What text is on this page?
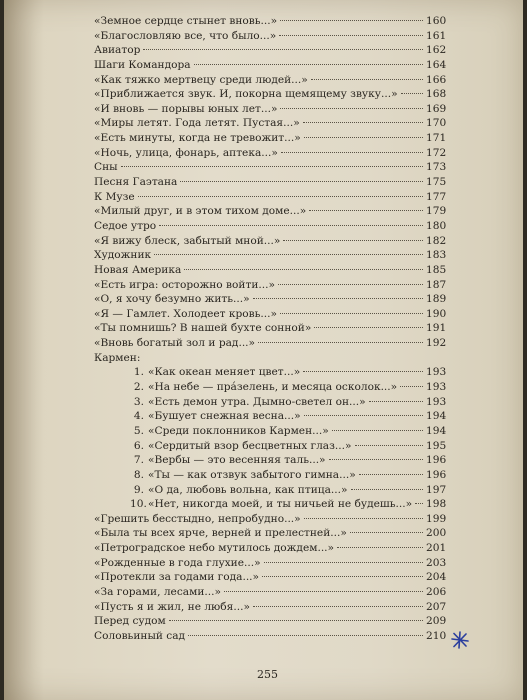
«Земное сердце стынет вновь...»	160
«Благословляю все, что было...»	161
Авиатор	162
Шаги Командора	164
«Как тяжко мертвецу среди людей...»	166
«Приближается звук. И, покорна щемящему звуку...»	168
«И вновь — порывы юных лет...»	169
«Миры летят. Года летят. Пустая...»	170
«Есть минуты, когда не тревожит...»	171
«Ночь, улица, фонарь, аптека...»	172
Сны	173
Песня Гаэтана	175
К Музе	177
«Милый друг, и в этом тихом доме...»	179
Седое утро	180
«Я вижу блеск, забытый мной...»	182
Художник	183
Новая Америка	185
«Есть игра: осторожно войти...»	187
«О, я хочу безумно жить...»	189
«Я — Гамлет. Холодеет кровь...»	190
«Ты помнишь? В нашей бухте сонной»	191
«Вновь богатый зол и рад...»	192
Кармен:
1. «Как океан меняет цвет...»	193
2. «На небе — прáзелень, и месяца осколок...»	193
3. «Есть демон утра. Дымно-светел он...»	193
4. «Бушует снежная весна...»	194
5. «Среди поклонников Кармен...»	194
6. «Сердитый взор бесцветных глаз...»	195
7. «Вербы — это весенняя таль...»	196
8. «Ты — как отзвук забытого гимна...»	196
9. «О да, любовь вольна, как птица...»	197
10. «Нет, никогда моей, и ты ничьей не будешь...» 198
«Грешить бесстыдно, непробудно...»	199
«Была ты всех ярче, верней и прелестней...»	200
«Петроградское небо мутилось дождем...»	201
«Рожденные в года глухие...»	203
«Протекли за годами года...»	204
«За горами, лесами...»	206
«Пусть я и жил, не любя...»	207
Перед судом	209
Соловьиный сад	210
255
